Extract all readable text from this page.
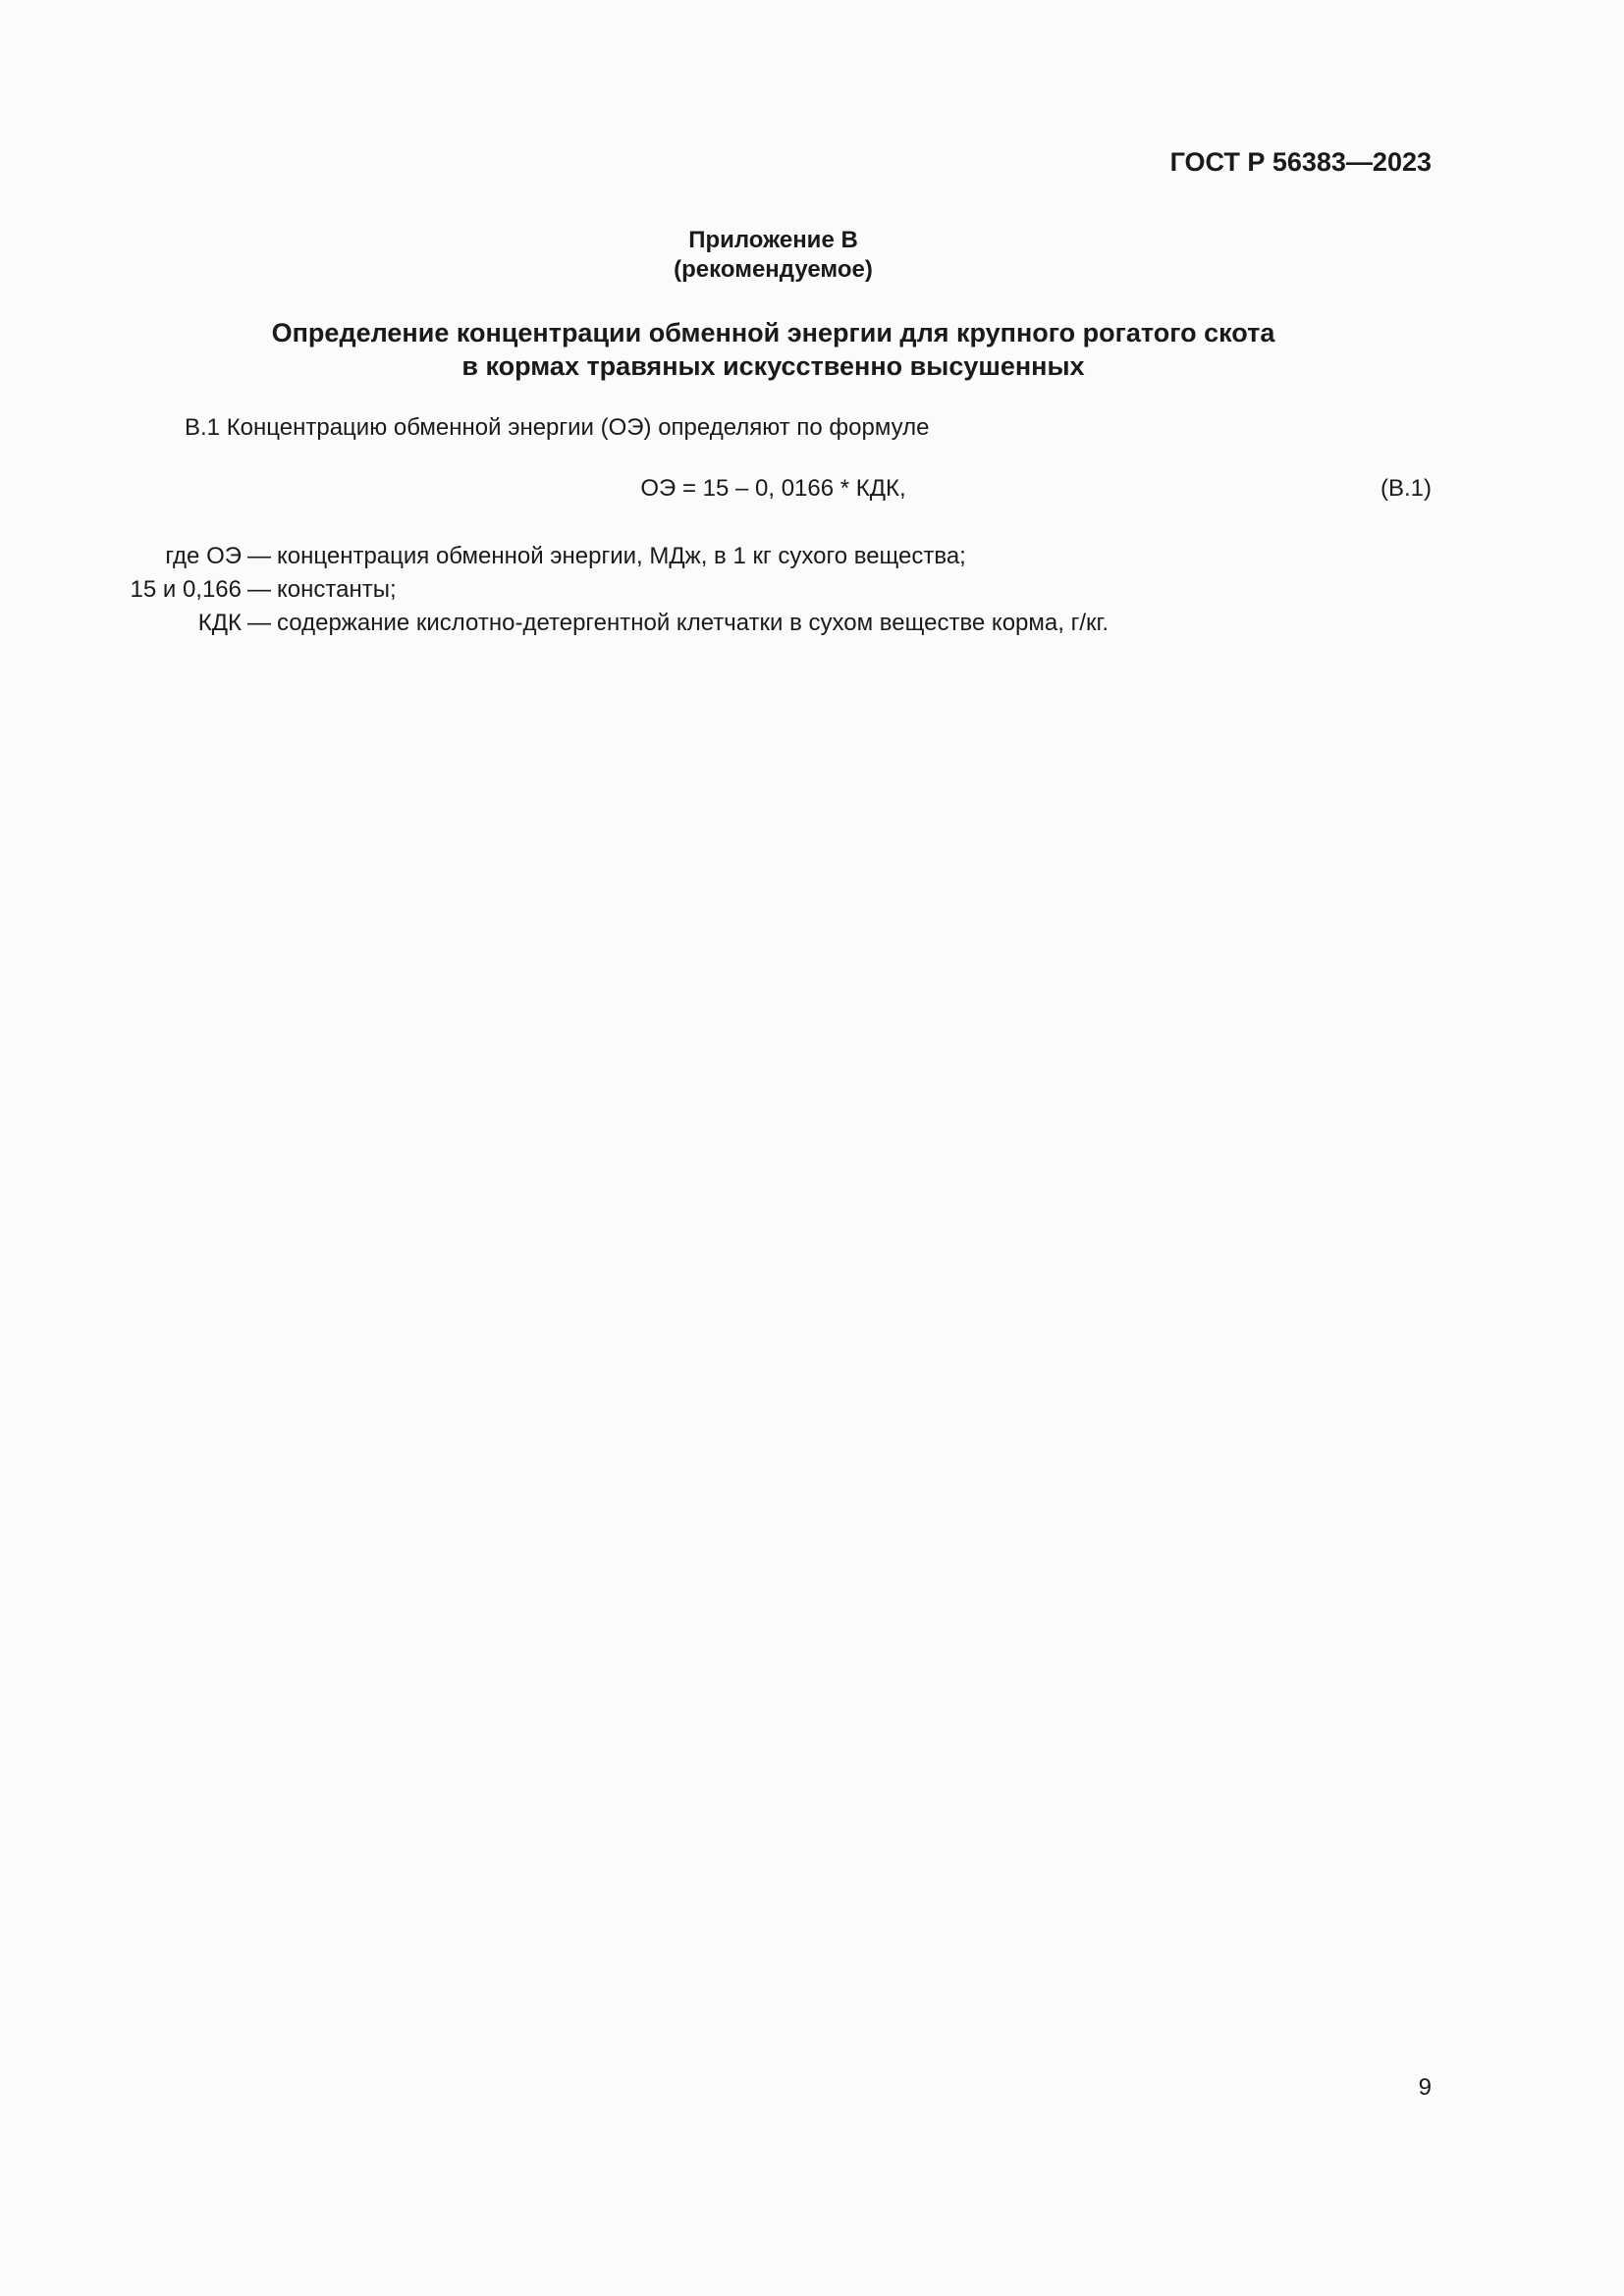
ГОСТ Р 56383—2023
Приложение В
(рекомендуемое)
Определение концентрации обменной энергии для крупного рогатого скота
в кормах травяных искусственно высушенных
В.1 Концентрацию обменной энергии (ОЭ) определяют по формуле
ОЭ = 15 – 0, 0166 * КДК,	(В.1)
где ОЭ — концентрация обменной энергии, МДж, в 1 кг сухого вещества;
15 и 0,166 — константы;
КДК — содержание кислотно-детергентной клетчатки в сухом веществе корма, г/кг.
9
